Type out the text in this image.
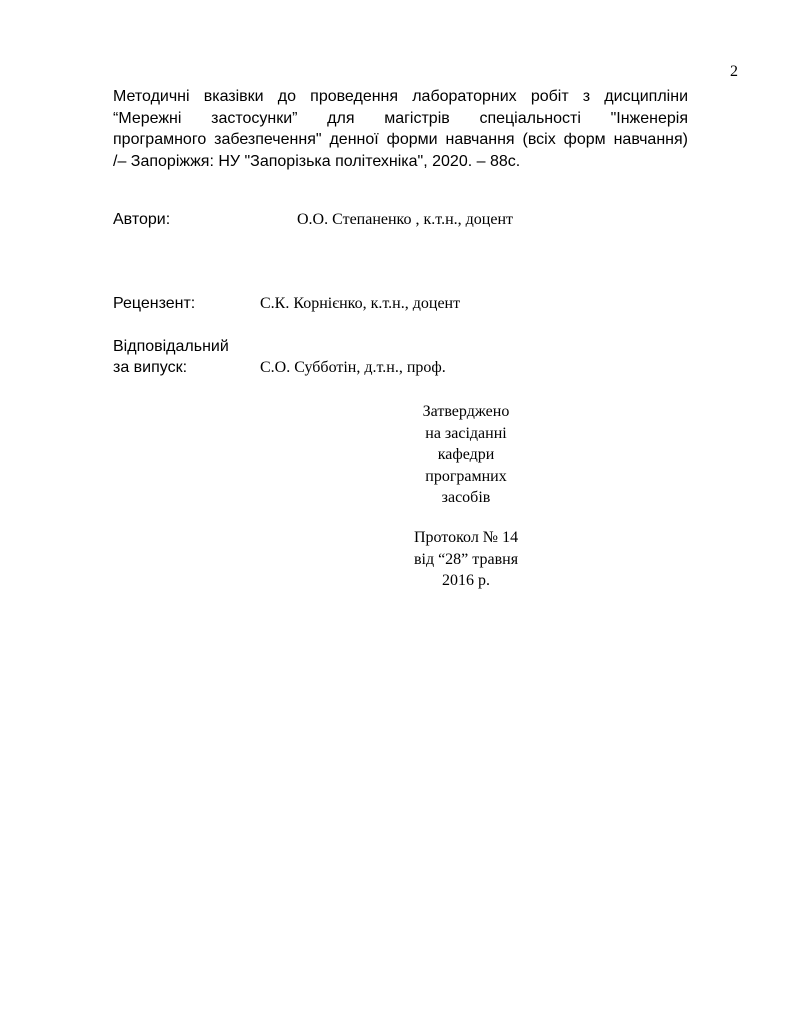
2
Методичні вказівки до проведення лабораторних робіт з дисципліни
“Мережні застосунки” для магістрів спеціальності "Інженерія
програмного забезпечення" денної форми навчання (всіх форм навчання)
/– Запоріжжя: НУ "Запорізька політехніка", 2020. – 88с.
Автори:	О.О. Степаненко , к.т.н., доцент
Рецензент:	С.К. Корнієнко, к.т.н., доцент
Відповідальний
за випуск:	С.О. Субботін, д.т.н., проф.
Затверджено
на засіданні
кафедри
програмних
засобів
Протокол № 14
від “28” травня
2016 р.
